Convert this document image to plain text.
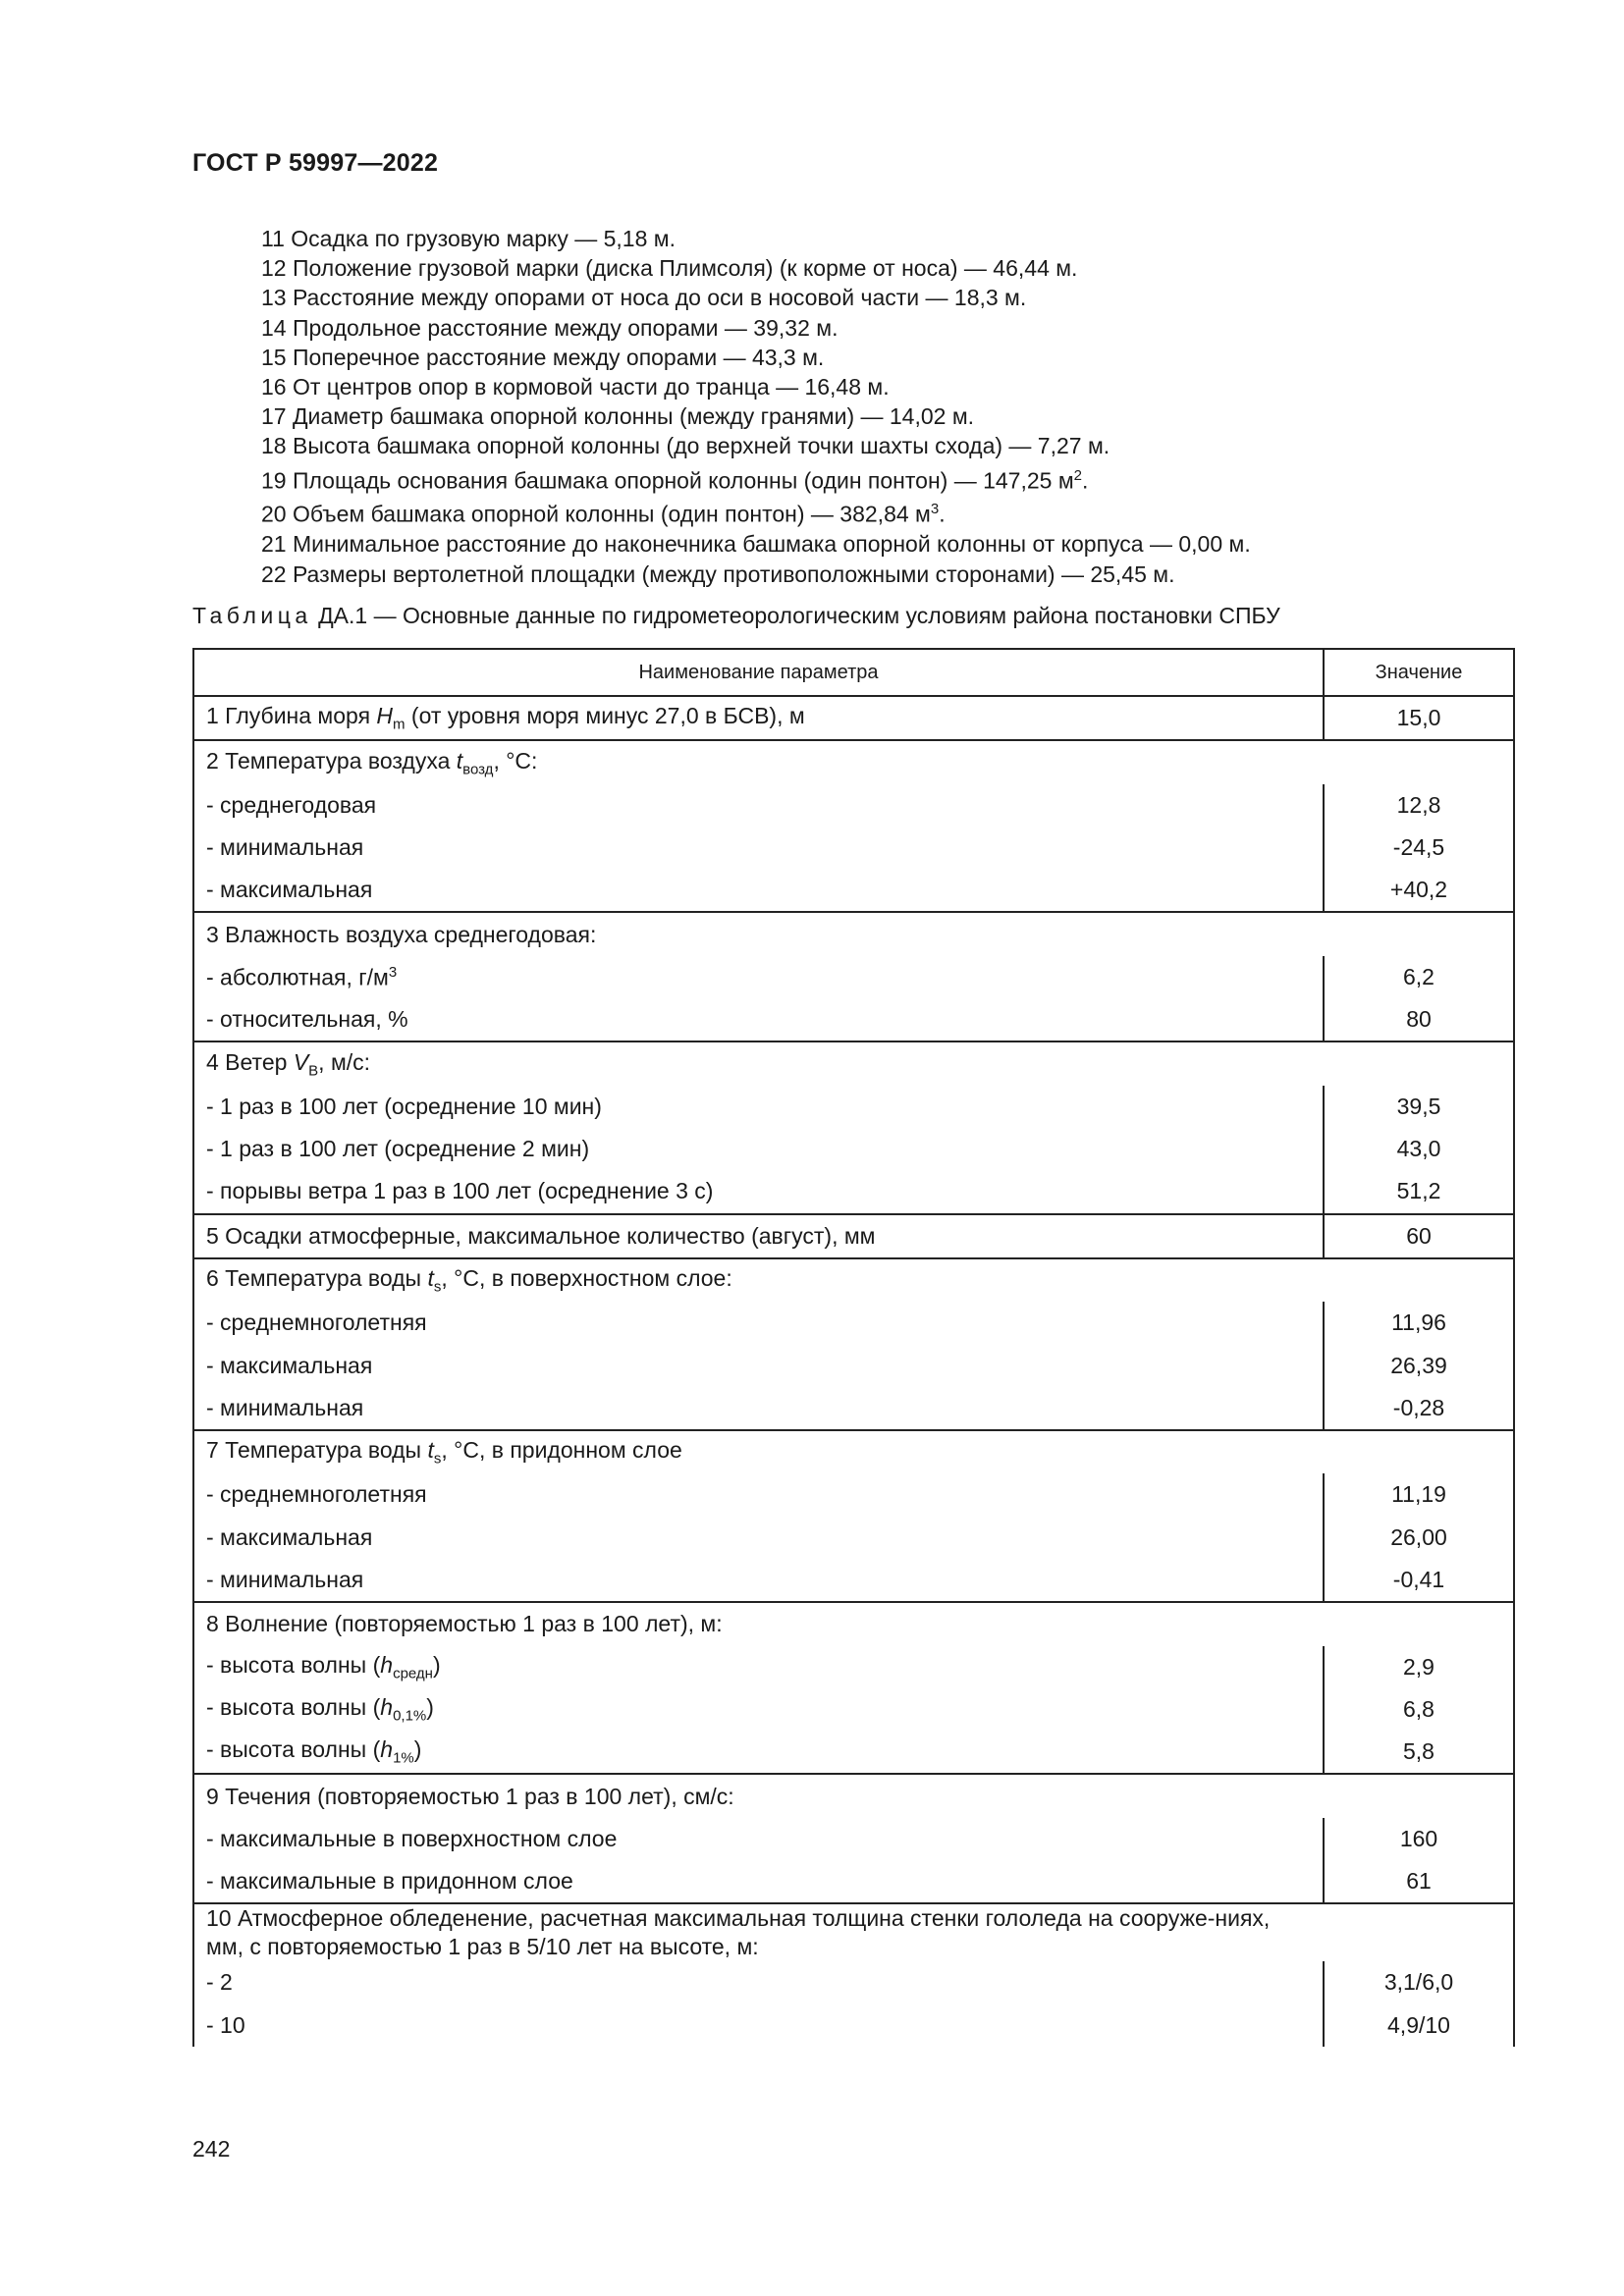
ГОСТ Р 59997—2022
11 Осадка по грузовую марку — 5,18 м.
12 Положение грузовой марки (диска Плимсоля) (к корме от носа) — 46,44 м.
13 Расстояние между опорами от носа до оси в носовой части — 18,3 м.
14 Продольное расстояние между опорами — 39,32 м.
15 Поперечное расстояние между опорами — 43,3 м.
16 От центров опор в кормовой части до транца — 16,48 м.
17 Диаметр башмака опорной колонны (между гранями) — 14,02 м.
18 Высота башмака опорной колонны (до верхней точки шахты схода) — 7,27 м.
19 Площадь основания башмака опорной колонны (один понтон) — 147,25 $м^2$.
20 Объем башмака опорной колонны (один понтон) — 382,84 $м^3$.
21 Минимальное расстояние до наконечника башмака опорной колонны от корпуса — 0,00 м.
22 Размеры вертолетной площадки (между противоположными сторонами) — 25,45 м.
Таблица ДА.1 — Основные данные по гидрометеорологическим условиям района постановки СПБУ
Наименование параметра	Значение
1 Глубина моря $H_m$ (от уровня моря минус 27,0 в БСВ), м	15,0
2 Температура воздуха $t_{возд}$, °С:	
- среднегодовая	12,8
- минимальная	-24,5
- максимальная	+40,2
3 Влажность воздуха среднегодовая:	
- абсолютная, $г/м^3$	6,2
- относительная, %	80
4 Ветер $V_B$, м/с:	
- 1 раз в 100 лет (осреднение 10 мин)	39,5
- 1 раз в 100 лет (осреднение 2 мин)	43,0
- порывы ветра 1 раз в 100 лет (осреднение 3 с)	51,2
5 Осадки атмосферные, максимальное количество (август), мм	60
6 Температура воды $t_s$, °С, в поверхностном слое:	
- среднемноголетняя	11,96
- максимальная	26,39
- минимальная	-0,28
7 Температура воды $t_s$, °С, в придонном слое	
- среднемноголетняя	11,19
- максимальная	26,00
- минимальная	-0,41
8 Волнение (повторяемостью 1 раз в 100 лет), м:	
- высота волны $(h_{средн})$	2,9
- высота волны $(h_{0,1\%})$	6,8
- высота волны $(h_{1\%})$	5,8
9 Течения (повторяемостью 1 раз в 100 лет), см/с:	
- максимальные в поверхностном слое	160
- максимальные в придонном слое	61
10 Атмосферное обледенение, расчетная максимальная толщина стенки гололеда на сооруже-ниях, мм, с повторяемостью 1 раз в 5/10 лет на высоте, м:	
- 2	3,1/6,0
- 10	4,9/10
242
